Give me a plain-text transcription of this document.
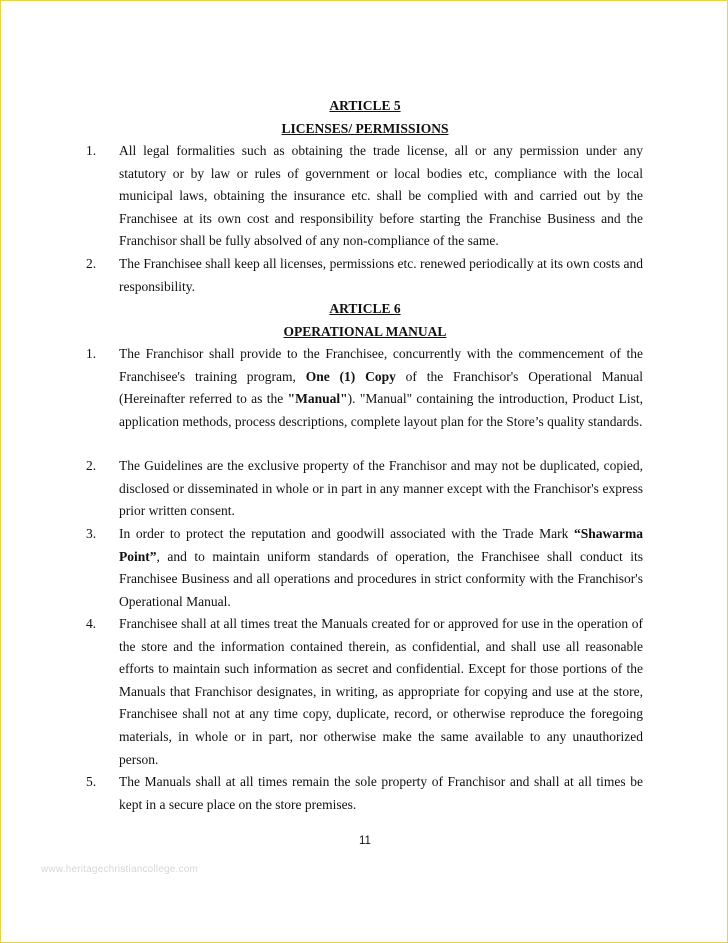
ARTICLE 5

LICENSES/ PERMISSIONS

1.	All legal formalities such as obtaining the trade license, all or any permission under any statutory or by law or rules of government or local bodies etc, compliance with the local municipal laws, obtaining the insurance etc. shall be complied with and carried out by the Franchisee at its own cost and responsibility before starting the Franchise Business and the Franchisor shall be fully absolved of any non-compliance of the same.

2.	The Franchisee shall keep all licenses, permissions etc. renewed periodically at its own costs and responsibility.

ARTICLE 6

OPERATIONAL MANUAL

1.	The Franchisor shall provide to the Franchisee, concurrently with the commencement of the Franchisee's training program, One (1) Copy of the Franchisor's Operational Manual (Hereinafter referred to as the "Manual"). "Manual" containing the introduction, Product List, application methods, process descriptions, complete layout plan for the Store’s quality standards.

2.	The Guidelines are the exclusive property of the Franchisor and may not be duplicated, copied, disclosed or disseminated in whole or in part in any manner except with the Franchisor's express prior written consent.

3.	In order to protect the reputation and goodwill associated with the Trade Mark “Shawarma Point”, and to maintain uniform standards of operation, the Franchisee shall conduct its Franchisee Business and all operations and procedures in strict conformity with the Franchisor's Operational Manual.

4.	Franchisee shall at all times treat the Manuals created for or approved for use in the operation of the store and the information contained therein, as confidential, and shall use all reasonable efforts to maintain such information as secret and confidential. Except for those portions of the Manuals that Franchisor designates, in writing, as appropriate for copying and use at the store, Franchisee shall not at any time copy, duplicate, record, or otherwise reproduce the foregoing materials, in whole or in part, nor otherwise make the same available to any unauthorized person.

5.	The Manuals shall at all times remain the sole property of Franchisor and shall at all times be kept in a secure place on the store premises.

11
www.heritagechristiancollege.com
